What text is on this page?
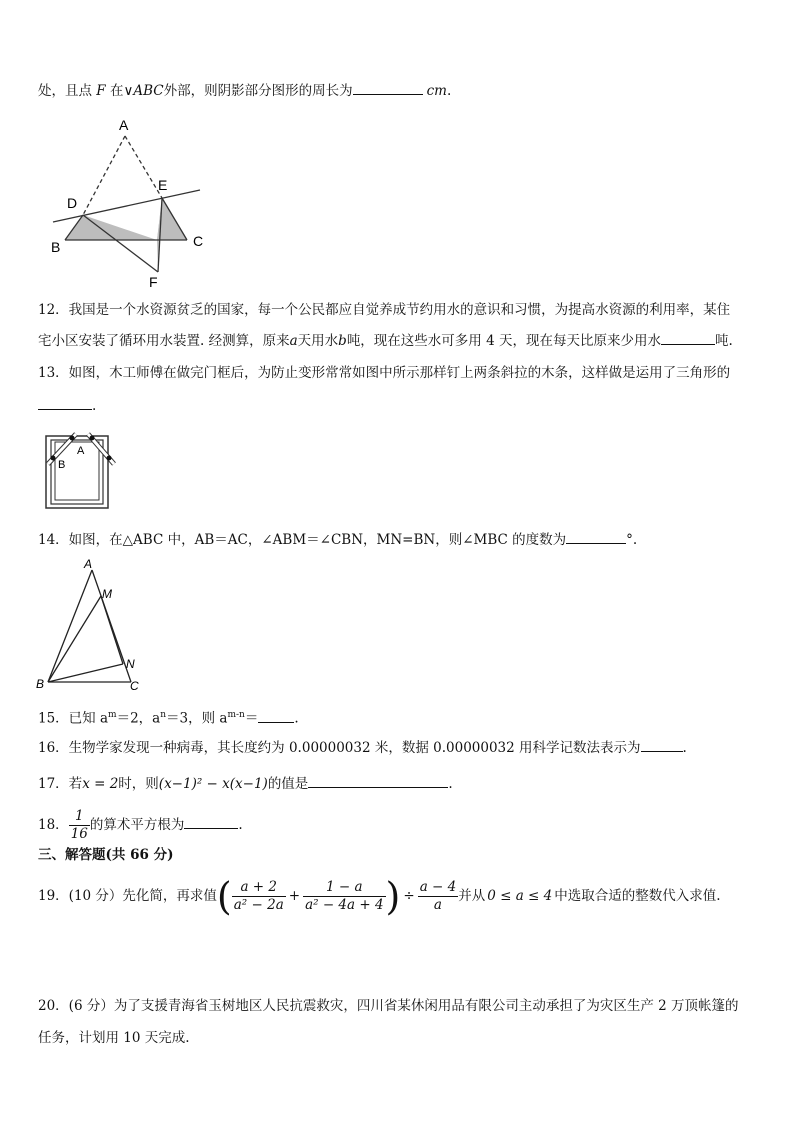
处，且点 F 在∨ABC外部，则阴影部分图形的周长为	cm.
A
D
E
B	C
F
12．我国是一个水资源贫乏的国家，每一个公民都应自觉养成节约用水的意识和习惯，为提高水资源的利用率，某住
宅小区安装了循环用水装置. 经测算，原来a天用水b吨，现在这些水可多用 4 天，现在每天比原来少用水	吨.
13．如图，木工师傅在做完门框后，为防止变形常常如图中所示那样钉上两条斜拉的木条，这样做是运用了三角形的
.
A
B
14．如图，在△ABC 中，AB＝AC，∠ABM＝∠CBN，MN=BN，则∠MBC 的度数为	°.
A
M
N
B	C
15．已知 $a^m=2$，$a^n=3$，则 $a^{m-n}=$	.
16．生物学家发现一种病毒，其长度约为 0.00000032 米，数据 0.00000032 用科学记数法表示为	.
17．若x = 2时，则(x−1)² − x(x−1)的值是	.
18． $\frac{1}{16}$ 的算术平方根为	.
三、解答题(共 66 分)
19．(10 分）先化简，再求值( $\frac{a + 2}{\text{a² − 2a}} + \frac{1 - a}{\text{a² − 4a + 4}}$ ) ÷ $\frac{a - 4}{a}$ 并从 0 ≤ a ≤ 4 中选取合适的整数代入求值.
20．(6 分）为了支援青海省玉树地区人民抗震救灾，四川省某休闲用品有限公司主动承担了为灾区生产 2 万顶帐篷的
任务，计划用 10 天完成.
